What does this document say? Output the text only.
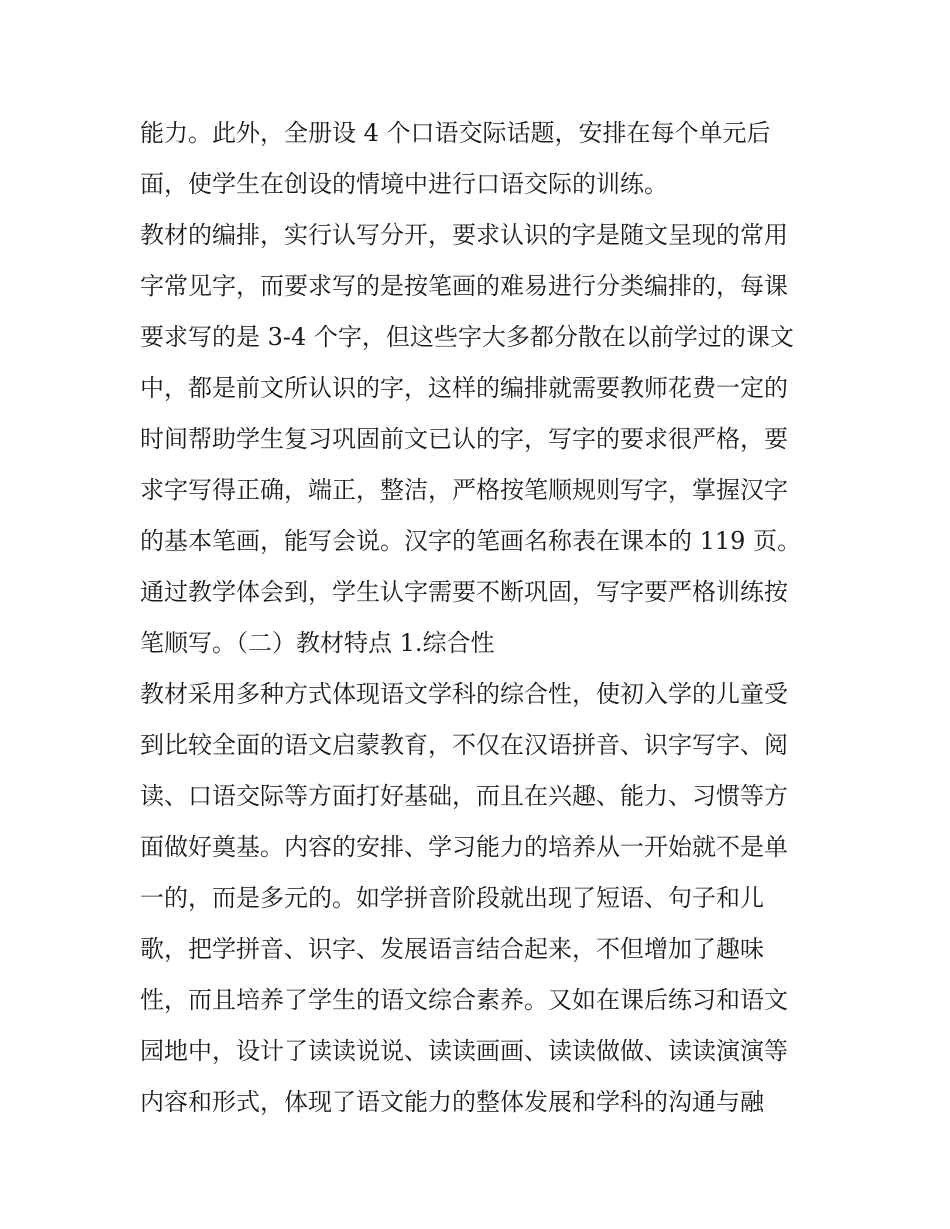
能力。此外，全册设 4 个口语交际话题，安排在每个单元后
面，使学生在创设的情境中进行口语交际的训练。
教材的编排，实行认写分开，要求认识的字是随文呈现的常用
字常见字，而要求写的是按笔画的难易进行分类编排的，每课
要求写的是 3-4 个字，但这些字大多都分散在以前学过的课文
中，都是前文所认识的字，这样的编排就需要教师花费一定的
时间帮助学生复习巩固前文已认的字，写字的要求很严格，要
求字写得正确，端正，整洁，严格按笔顺规则写字，掌握汉字
的基本笔画，能写会说。汉字的笔画名称表在课本的 119 页。
通过教学体会到，学生认字需要不断巩固，写字要严格训练按
笔顺写。（二）教材特点 1.综合性
教材采用多种方式体现语文学科的综合性，使初入学的儿童受
到比较全面的语文启蒙教育，不仅在汉语拼音、识字写字、阅
读、口语交际等方面打好基础，而且在兴趣、能力、习惯等方
面做好奠基。内容的安排、学习能力的培养从一开始就不是单
一的，而是多元的。如学拼音阶段就出现了短语、句子和儿
歌，把学拼音、识字、发展语言结合起来，不但增加了趣味
性，而且培养了学生的语文综合素养。又如在课后练习和语文
园地中，设计了读读说说、读读画画、读读做做、读读演演等
内容和形式，体现了语文能力的整体发展和学科的沟通与融
